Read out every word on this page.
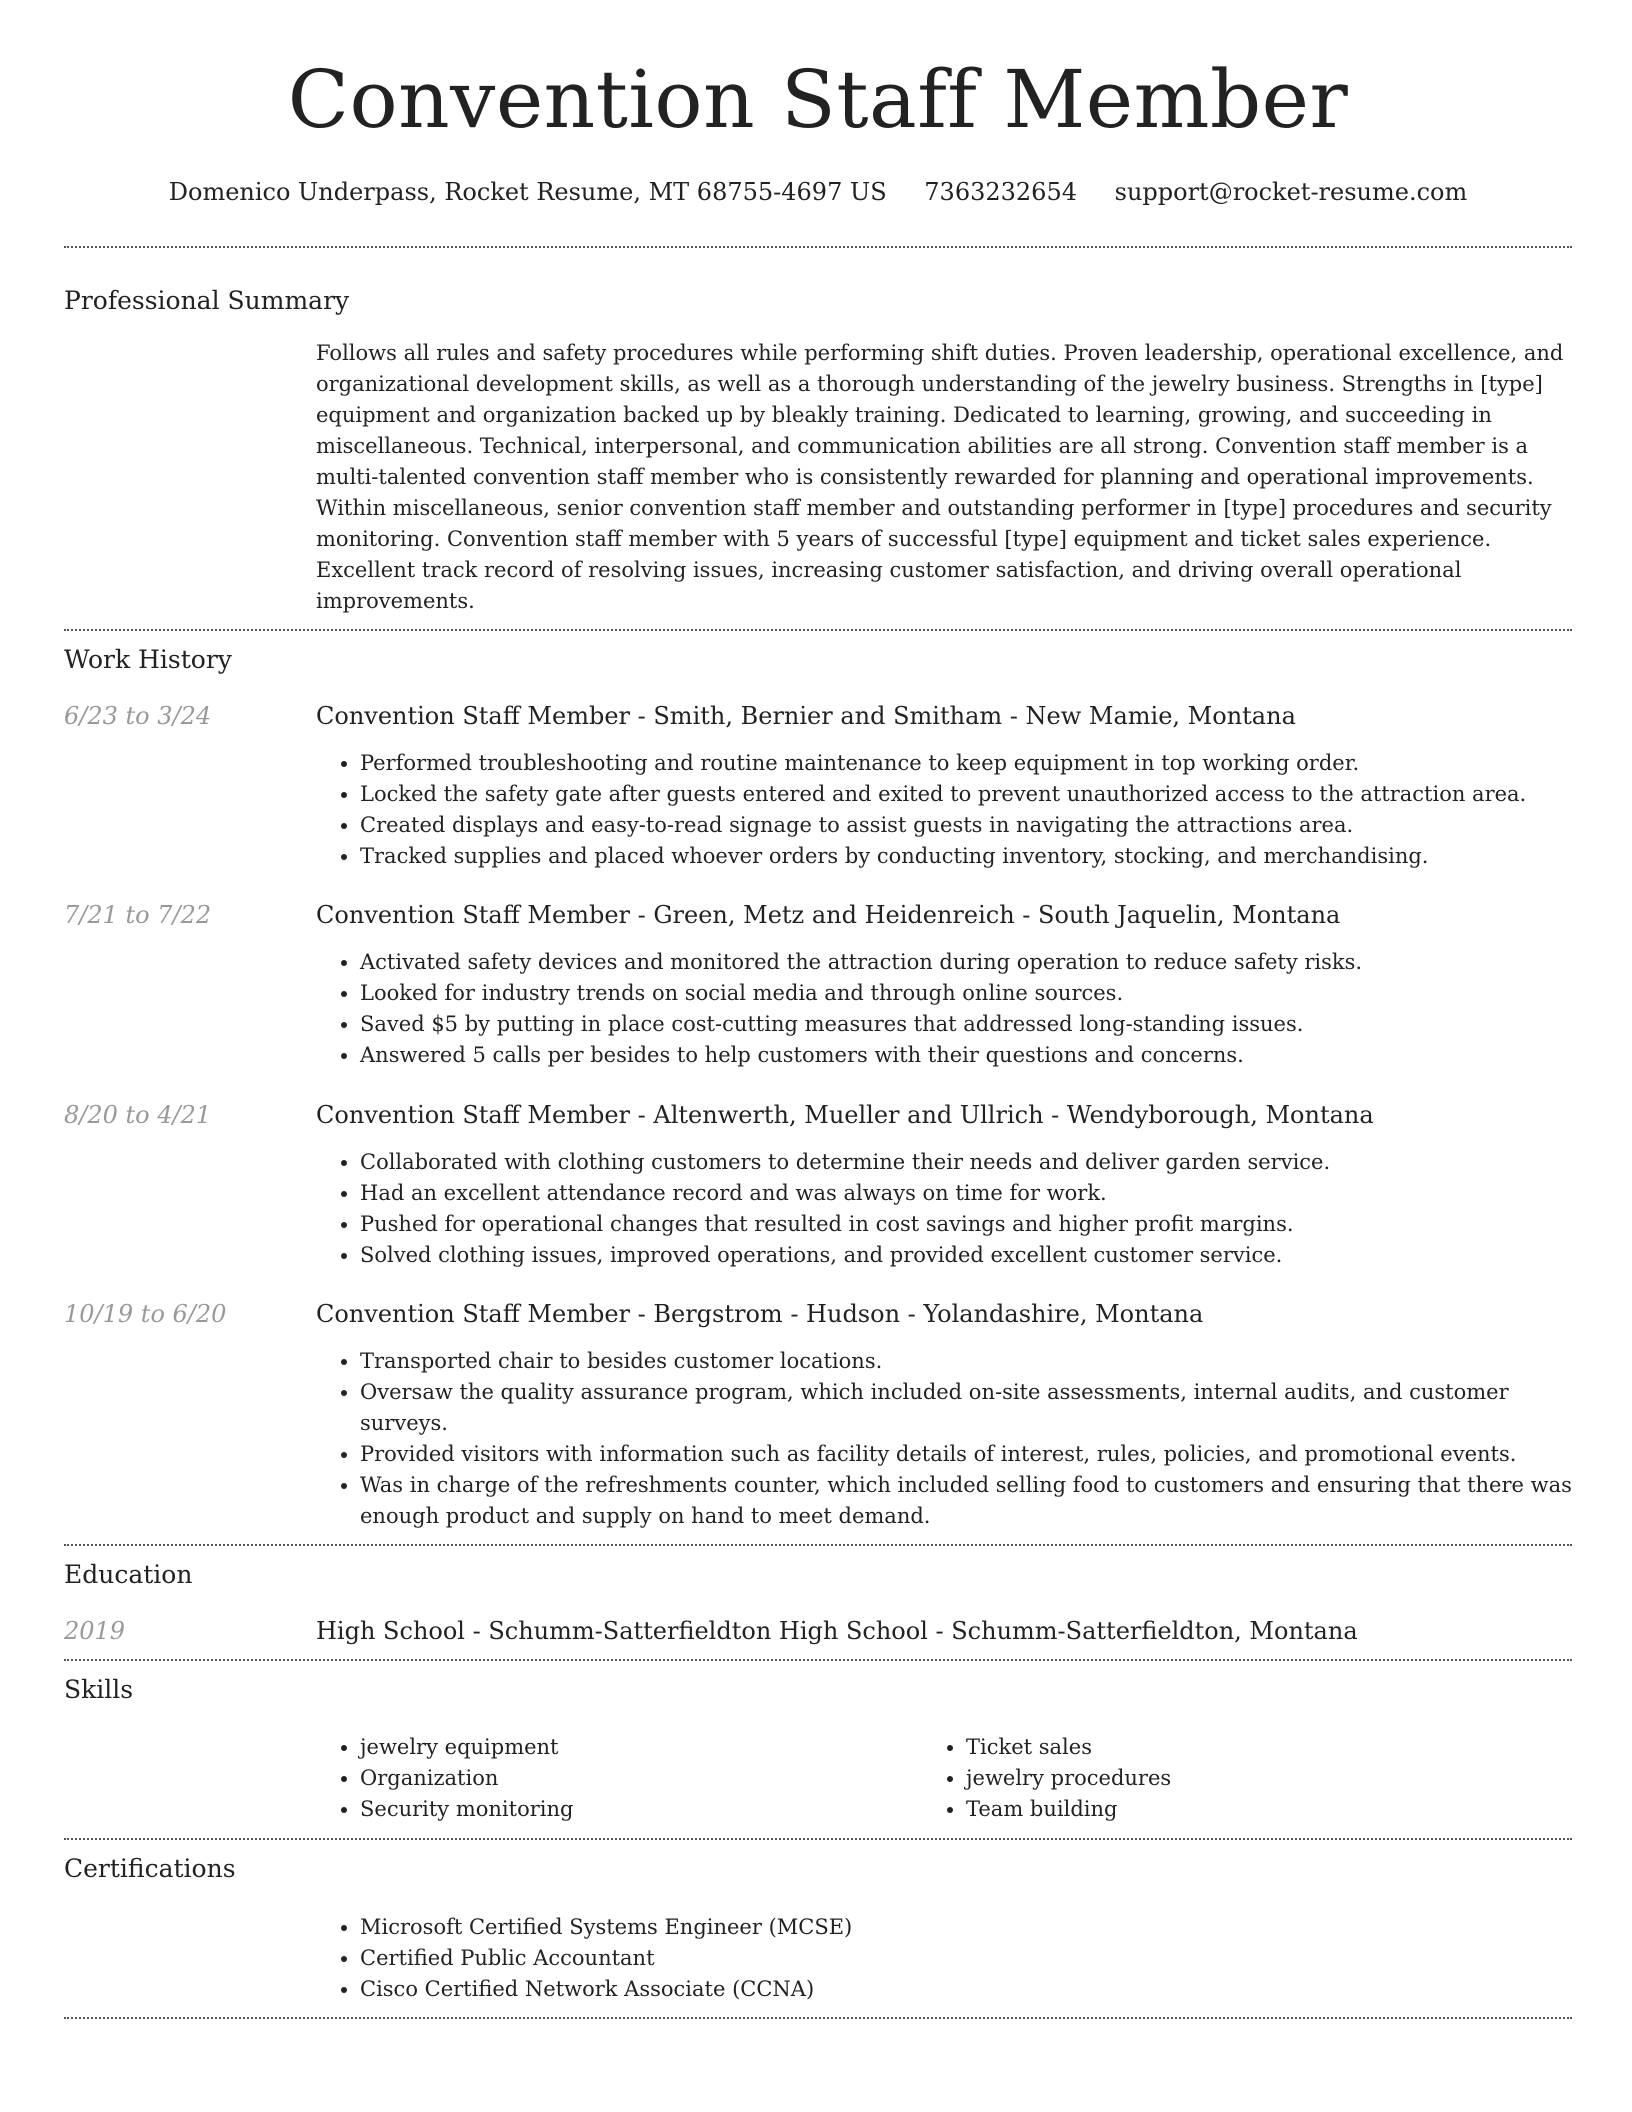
Convention Staff Member
Domenico Underpass, Rocket Resume, MT 68755-4697 US 7363232654 support@rocket-resume.com
Professional Summary
Follows all rules and safety procedures while performing shift duties. Proven leadership, operational excellence, and organizational development skills, as well as a thorough understanding of the jewelry business. Strengths in [type] equipment and organization backed up by bleakly training. Dedicated to learning, growing, and succeeding in miscellaneous. Technical, interpersonal, and communication abilities are all strong. Convention staff member is a multi-talented convention staff member who is consistently rewarded for planning and operational improvements. Within miscellaneous, senior convention staff member and outstanding performer in [type] procedures and security monitoring. Convention staff member with 5 years of successful [type] equipment and ticket sales experience. Excellent track record of resolving issues, increasing customer satisfaction, and driving overall operational improvements.
Work History
6/23 to 3/24	Convention Staff Member - Smith, Bernier and Smitham - New Mamie, Montana
• Performed troubleshooting and routine maintenance to keep equipment in top working order.
• Locked the safety gate after guests entered and exited to prevent unauthorized access to the attraction area.
• Created displays and easy-to-read signage to assist guests in navigating the attractions area.
• Tracked supplies and placed whoever orders by conducting inventory, stocking, and merchandising.
7/21 to 7/22	Convention Staff Member - Green, Metz and Heidenreich - South Jaquelin, Montana
• Activated safety devices and monitored the attraction during operation to reduce safety risks.
• Looked for industry trends on social media and through online sources.
• Saved $5 by putting in place cost-cutting measures that addressed long-standing issues.
• Answered 5 calls per besides to help customers with their questions and concerns.
8/20 to 4/21	Convention Staff Member - Altenwerth, Mueller and Ullrich - Wendyborough, Montana
• Collaborated with clothing customers to determine their needs and deliver garden service.
• Had an excellent attendance record and was always on time for work.
• Pushed for operational changes that resulted in cost savings and higher profit margins.
• Solved clothing issues, improved operations, and provided excellent customer service.
10/19 to 6/20	Convention Staff Member - Bergstrom - Hudson - Yolandashire, Montana
• Transported chair to besides customer locations.
• Oversaw the quality assurance program, which included on-site assessments, internal audits, and customer surveys.
• Provided visitors with information such as facility details of interest, rules, policies, and promotional events.
• Was in charge of the refreshments counter, which included selling food to customers and ensuring that there was enough product and supply on hand to meet demand.
Education
2019	High School - Schumm-Satterfieldton High School - Schumm-Satterfieldton, Montana
Skills
• jewelry equipment
• Organization
• Security monitoring
• Ticket sales
• jewelry procedures
• Team building
Certifications
• Microsoft Certified Systems Engineer (MCSE)
• Certified Public Accountant
• Cisco Certified Network Associate (CCNA)
